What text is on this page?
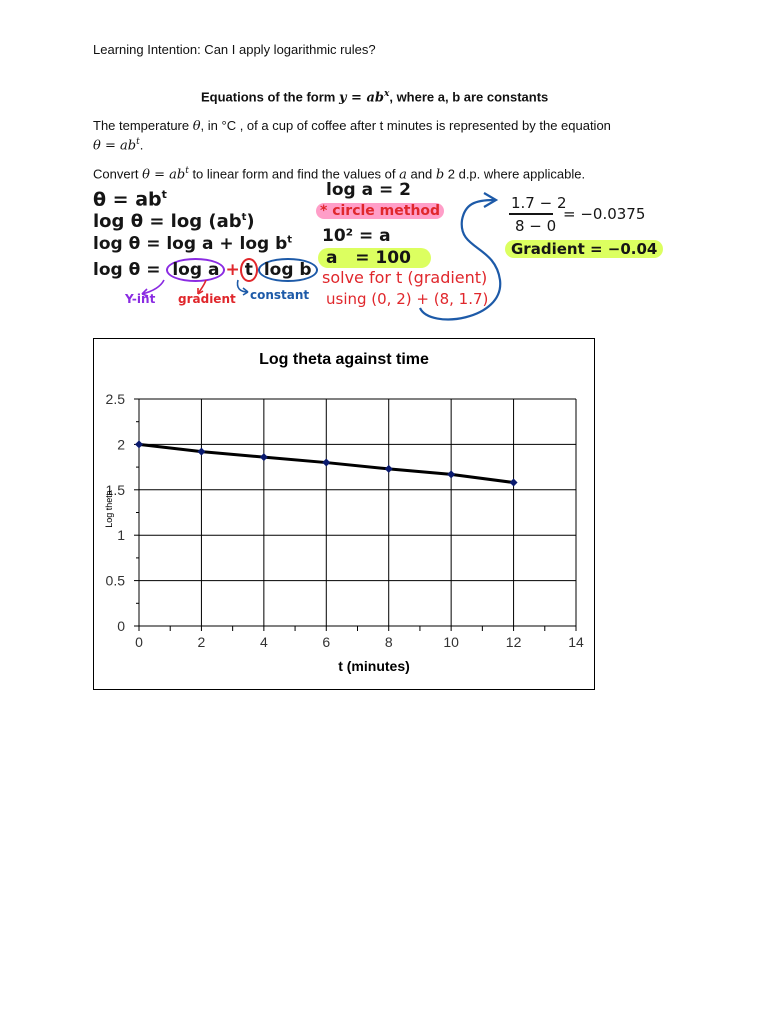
Learning Intention: Can I apply logarithmic rules?
Equations of the form $y = ab^x$, where a, b are constants
The temperature θ, in °C , of a cup of coffee after t minutes is represented by the equation
$\theta = ab^t$.
Convert $\theta = ab^t$ to linear form and find the values of a and b 2 d.p. where applicable.
$\theta = ab^t$
$\log \theta = \log (ab^t)$
$\log \theta = \log a + \log b^t$
log θ = log a + t log b
Y-int gradient constant
log a = 2
* circle method
10² = a
a = 100
solve for t (gradient)
using (0, 2) + (8, 1.7)
1.7 − 2
8 − 0
= −0.0375
Gradient = −0.04
Log theta against time
0	2	4	6	8	10	12	14
0
0.5
1
1.5
2
2.5
t (minutes)
Log theta
